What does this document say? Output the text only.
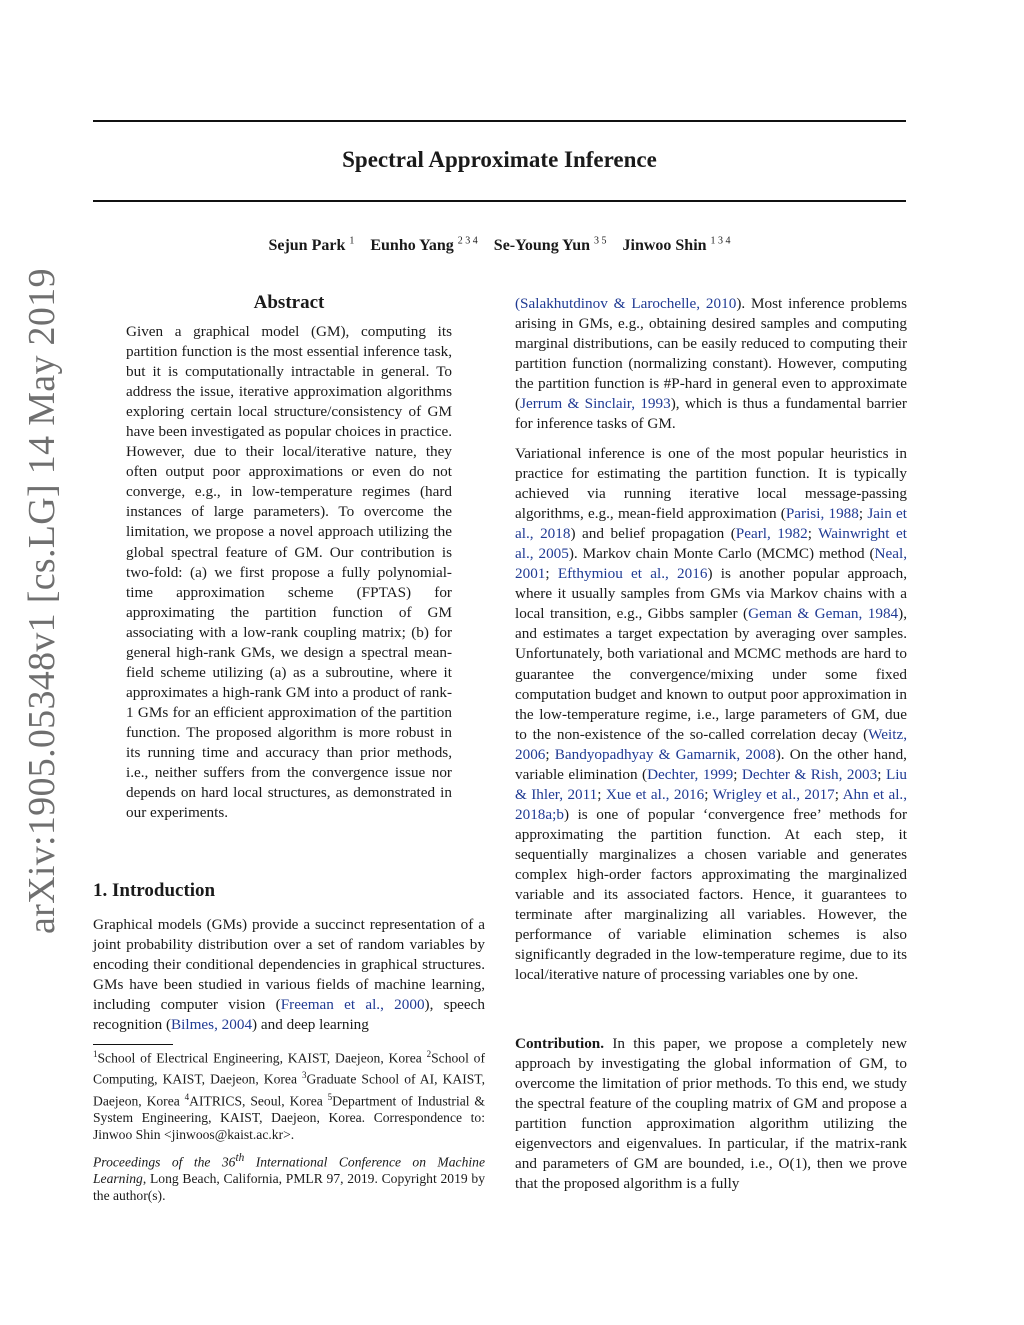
Spectral Approximate Inference
Sejun Park $^1$ Eunho Yang $^{2 3 4}$ Se-Young Yun $^{3 5}$ Jinwoo Shin $^{1 3 4}$
arXiv:1905.05348v1 [cs.LG] 14 May 2019	Abstract
Given a graphical model (GM), computing its partition function is the most essential inference task, but it is computationally intractable in general. To address the issue, iterative approximation algorithms exploring certain local structure/consistency of GM have been investigated as popular choices in practice. However, due to their local/iterative nature, they often output poor approximations or even do not converge, e.g., in low-temperature regimes (hard instances of large parameters). To overcome the limitation, we propose a novel approach utilizing the global spectral feature of GM. Our contribution is two-fold: (a) we first propose a fully polynomial-time approximation scheme (FPTAS) for approximating the partition function of GM associating with a low-rank coupling matrix; (b) for general high-rank GMs, we design a spectral mean-field scheme utilizing (a) as a subroutine, where it approximates a high-rank GM into a product of rank-1 GMs for an efficient approximation of the partition function. The proposed algorithm is more robust in its running time and accuracy than prior methods, i.e., neither suffers from the convergence issue nor depends on hard local structures, as demonstrated in our experiments.
1. Introduction

Graphical models (GMs) provide a succinct representation of a joint probability distribution over a set of random variables by encoding their conditional dependencies in graphical structures. GMs have been studied in various fields of machine learning, including computer vision (Freeman et al., 2000), speech recognition (Bilmes, 2004) and deep learning

$^1$School of Electrical Engineering, KAIST, Daejeon, Korea $^2$School of Computing, KAIST, Daejeon, Korea $^3$Graduate School of AI, KAIST, Daejeon, Korea $^4$AITRICS, Seoul, Korea $^5$Department of Industrial & System Engineering, KAIST, Daejeon, Korea. Correspondence to: Jinwoo Shin <jinwoos@kaist.ac.kr>.
Proceedings of the 36th International Conference on Machine Learning, Long Beach, California, PMLR 97, 2019. Copyright 2019 by the author(s).

(Salakhutdinov & Larochelle, 2010). Most inference problems arising in GMs, e.g., obtaining desired samples and computing marginal distributions, can be easily reduced to computing their partition function (normalizing constant). However, computing the partition function is #P-hard in general even to approximate (Jerrum & Sinclair, 1993), which is thus a fundamental barrier for inference tasks of GM.

Variational inference is one of the most popular heuristics in practice for estimating the partition function. It is typically achieved via running iterative local message-passing algorithms, e.g., mean-field approximation (Parisi, 1988; Jain et al., 2018) and belief propagation (Pearl, 1982; Wainwright et al., 2005). Markov chain Monte Carlo (MCMC) method (Neal, 2001; Efthymiou et al., 2016) is another popular approach, where it usually samples from GMs via Markov chains with a local transition, e.g., Gibbs sampler (Geman & Geman, 1984), and estimates a target expectation by averaging over samples. Unfortunately, both variational and MCMC methods are hard to guarantee the convergence/mixing under some fixed computation budget and known to output poor approximation in the low-temperature regime, i.e., large parameters of GM, due to the non-existence of the so-called correlation decay (Weitz, 2006; Bandyopadhyay & Gamarnik, 2008). On the other hand, variable elimination (Dechter, 1999; Dechter & Rish, 2003; Liu & Ihler, 2011; Xue et al., 2016; Wrigley et al., 2017; Ahn et al., 2018a;b) is one of popular ‘convergence free’ methods for approximating the partition function. At each step, it sequentially marginalizes a chosen variable and generates complex high-order factors approximating the marginalized variable and its associated factors. Hence, it guarantees to terminate after marginalizing all variables. However, the performance of variable elimination schemes is also significantly degraded in the low-temperature regime, due to its local/iterative nature of processing variables one by one.

Contribution. In this paper, we propose a completely new approach by investigating the global information of GM, to overcome the limitation of prior methods. To this end, we study the spectral feature of the coupling matrix of GM and propose a partition function approximation algorithm utilizing the eigenvectors and eigenvalues. In particular, if the matrix-rank and parameters of GM are bounded, i.e., O(1), then we prove that the proposed algorithm is a fully
